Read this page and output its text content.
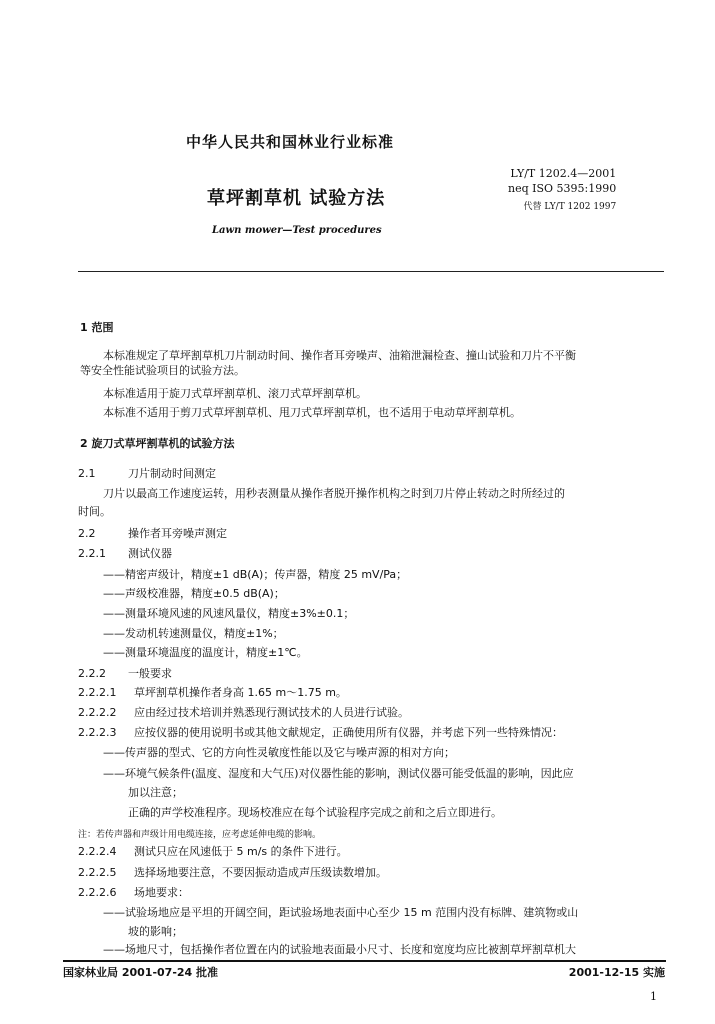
中华人民共和国林业行业标准
LY/T 1202.4—2001
neq ISO 5395:1990
代替 LY/T 1202 1997
草坪割草机 试验方法
Lawn mower—Test procedures
1 范围
本标准规定了草坪割草机刀片制动时间、操作者耳旁噪声、油箱泄漏检查、撞山试验和刀片不平衡
等安全性能试验项目的试验方法。
本标准适用于旋刀式草坪割草机、滚刀式草坪割草机。
本标准不适用于剪刀式草坪割草机、甩刀式草坪割草机，也不适用于电动草坪割草机。
2 旋刀式草坪割草机的试验方法
2.1	刀片制动时间测定
刀片以最高工作速度运转，用秒表测量从操作者脱开操作机构之时到刀片停止转动之时所经过的
时间。
2.2	操作者耳旁噪声测定
2.2.1 测试仪器
——精密声级计，精度±1 dB(A)；传声器，精度 25 mV/Pa；
——声级校准器，精度±0.5 dB(A)；
——测量环境风速的风速风量仪，精度±3%±0.1；
——发动机转速测量仪，精度±1%；
——测量环境温度的温度计，精度±1℃。
2.2.2 一般要求
2.2.2.1 草坪割草机操作者身高 1.65 m～1.75 m。
2.2.2.2 应由经过技术培训并熟悉现行测试技术的人员进行试验。
2.2.2.3 应按仪器的使用说明书或其他文献规定，正确使用所有仪器，并考虑下列一些特殊情况：
——传声器的型式、它的方向性灵敏度性能以及它与噪声源的相对方向；
——环境气候条件(温度、湿度和大气压)对仪器性能的影响，测试仪器可能受低温的影响，因此应
加以注意；
正确的声学校准程序。现场校准应在每个试验程序完成之前和之后立即进行。
注：若传声器和声级计用电缆连接，应考虑延伸电缆的影响。
2.2.2.4 测试只应在风速低于 5 m/s 的条件下进行。
2.2.2.5 选择场地要注意，不要因振动造成声压级读数增加。
2.2.2.6 场地要求：
——试验场地应是平坦的开阔空间，距试验场地表面中心至少 15 m 范围内没有标牌、建筑物或山
坡的影响；
——场地尺寸，包括操作者位置在内的试验地表面最小尺寸、长度和宽度均应比被割草坪割草机大
国家林业局 2001-07-24 批准	2001-12-15 实施
1
